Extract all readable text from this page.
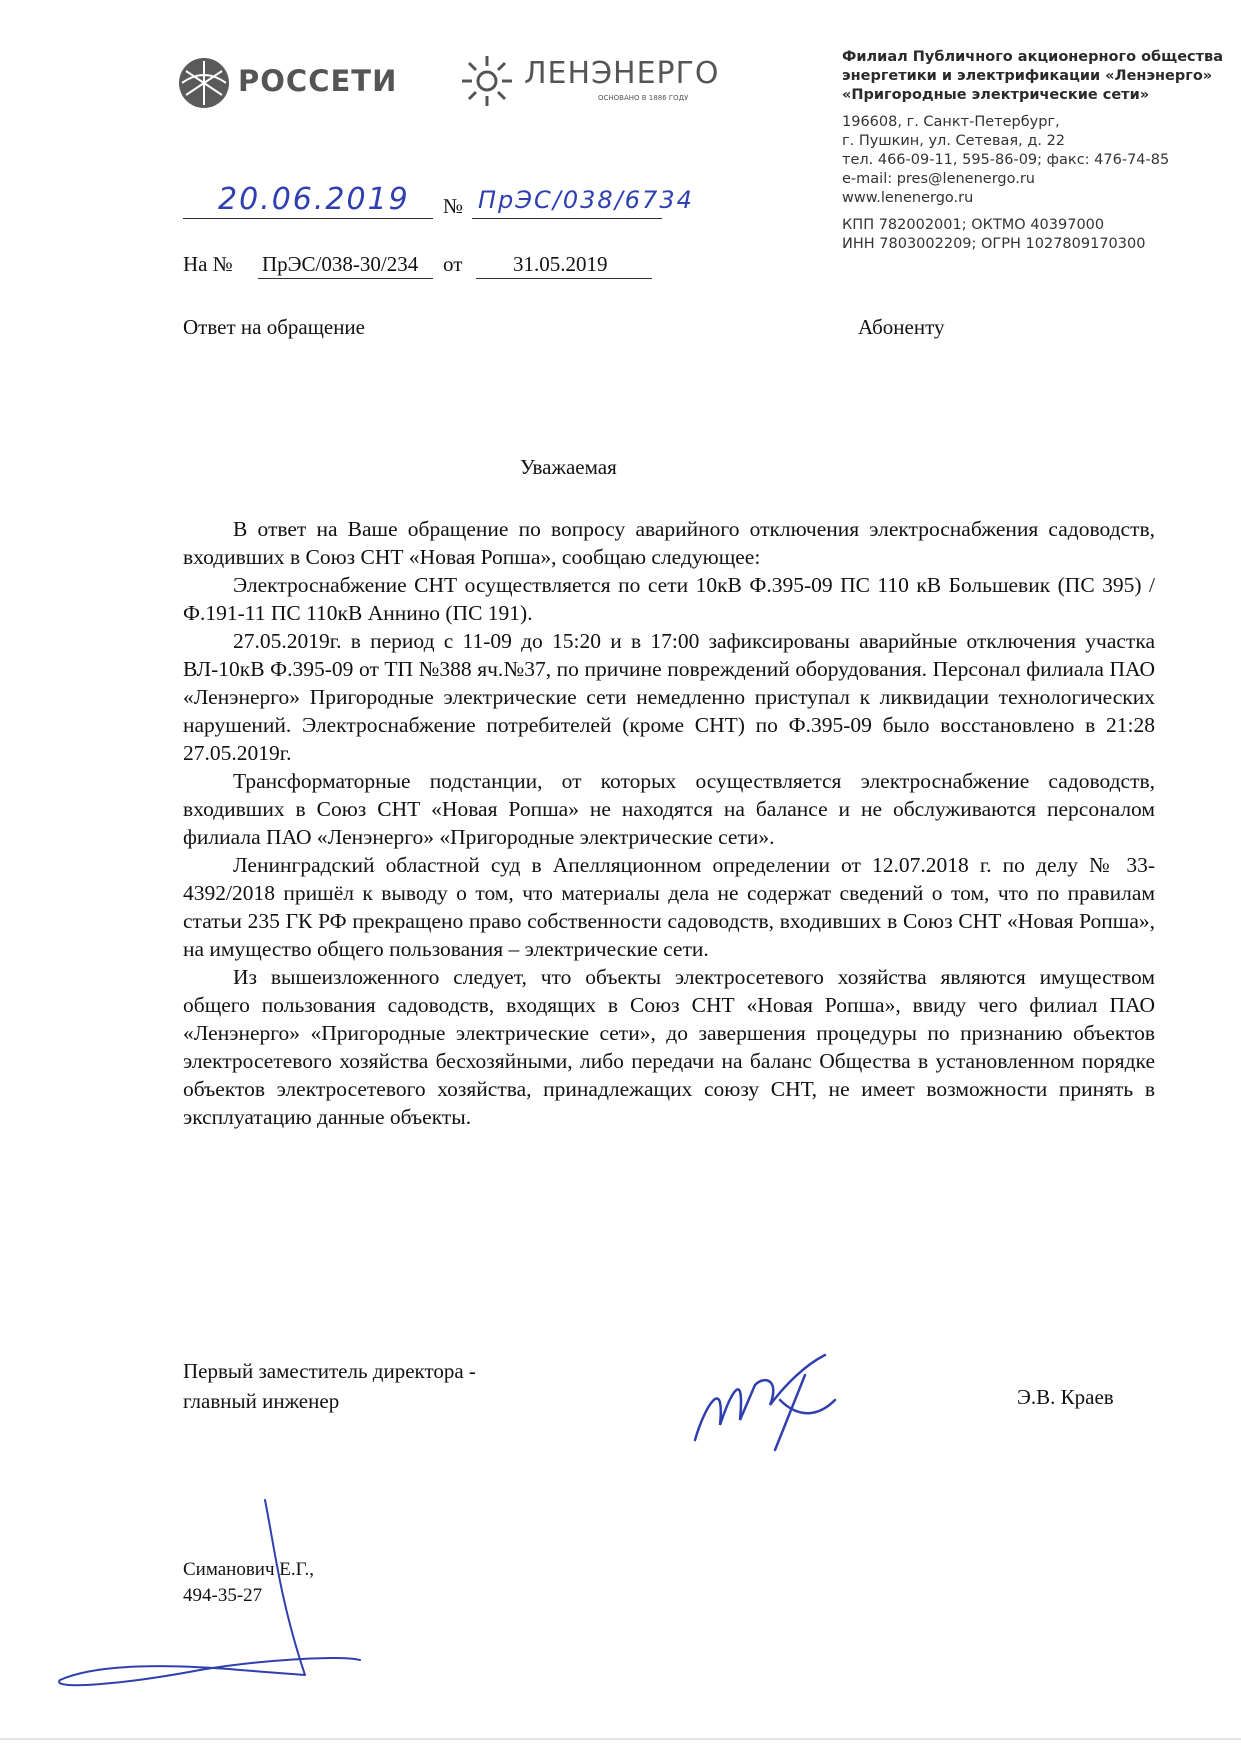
РОССЕТИ	ЛЕНЭНЕРГО
ОСНОВАНО В 1886 ГОДУ
Филиал Публичного акционерного общества
энергетики и электрификации «Ленэнерго»
«Пригородные электрические сети»
196608, г. Санкт-Петербург,
г. Пушкин, ул. Сетевая, д. 22
тел. 466-09-11, 595-86-09; факс: 476-74-85
e-mail: pres@lenenergo.ru
www.lenenergo.ru
КПП 782002001; ОКТМО 40397000
ИНН 7803002209; ОГРН 1027809170300
20.06.2019 № ПрЭС/038/6734
На № ПрЭС/038-30/234 от 31.05.2019
Ответ на обращение	Абоненту
Уважаемая

В ответ на Ваше обращение по вопросу аварийного отключения электроснабжения садоводств, входивших в Союз СНТ «Новая Ропша», сообщаю следующее:

Электроснабжение СНТ осуществляется по сети 10кВ Ф.395-09 ПС 110 кВ Большевик (ПС 395) / Ф.191-11 ПС 110кВ Аннино (ПС 191).

27.05.2019г. в период с 11-09 до 15:20 и в 17:00 зафиксированы аварийные отключения участка ВЛ-10кВ Ф.395-09 от ТП №388 яч.№37, по причине повреждений оборудования. Персонал филиала ПАО «Ленэнерго» Пригородные электрические сети немедленно приступал к ликвидации технологических нарушений. Электроснабжение потребителей (кроме СНТ) по Ф.395-09 было восстановлено в 21:28 27.05.2019г.

Трансформаторные подстанции, от которых осуществляется электроснабжение садоводств, входивших в Союз СНТ «Новая Ропша» не находятся на балансе и не обслуживаются персоналом филиала ПАО «Ленэнерго» «Пригородные электрические сети».

Ленинградский областной суд в Апелляционном определении от 12.07.2018 г. по делу № 33-4392/2018 пришёл к выводу о том, что материалы дела не содержат сведений о том, что по правилам статьи 235 ГК РФ прекращено право собственности садоводств, входивших в Союз СНТ «Новая Ропша», на имущество общего пользования – электрические сети.

Из вышеизложенного следует, что объекты электросетевого хозяйства являются имуществом общего пользования садоводств, входящих в Союз СНТ «Новая Ропша», ввиду чего филиал ПАО «Ленэнерго» «Пригородные электрические сети», до завершения процедуры по признанию объектов электросетевого хозяйства бесхозяйными, либо передачи на баланс Общества в установленном порядке объектов электросетевого хозяйства, принадлежащих союзу СНТ, не имеет возможности принять в эксплуатацию данные объекты.

Первый заместитель директора -
главный инженер	Э.В. Краев
Симанович Е.Г.,
494-35-27
